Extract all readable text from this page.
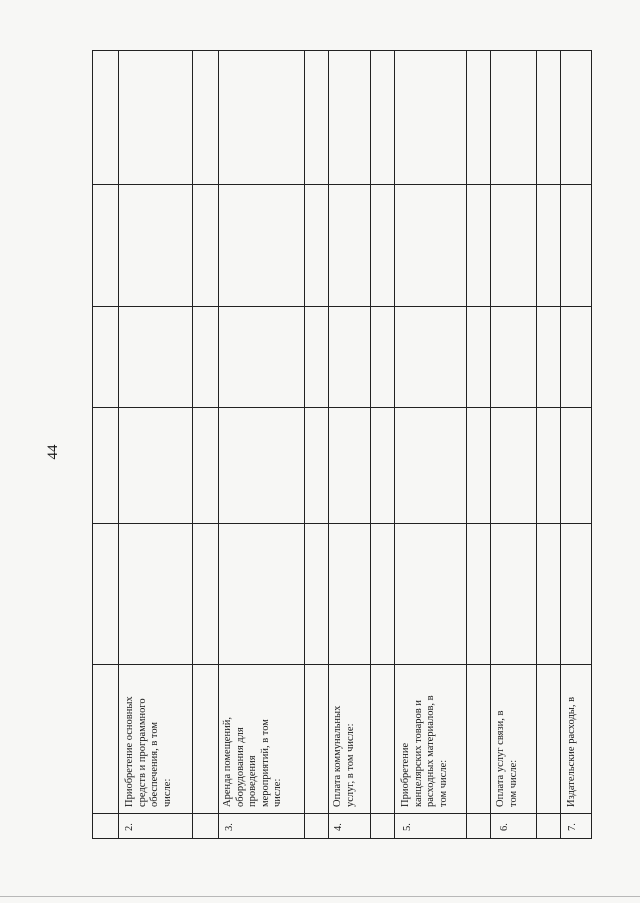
44
2.
Приобретение основных
средств и программного
обеспечения, в том
числе:
3.
Аренда помещений,
оборудования для
проведения
мероприятий, в том
числе:
4.
Оплата коммунальных
услуг, в том числе:
5.
Приобретение
канцелярских товаров и
расходных материалов, в
том числе:
6.
Оплата услуг связи, в
том числе:
7.
Издательские расходы, в
